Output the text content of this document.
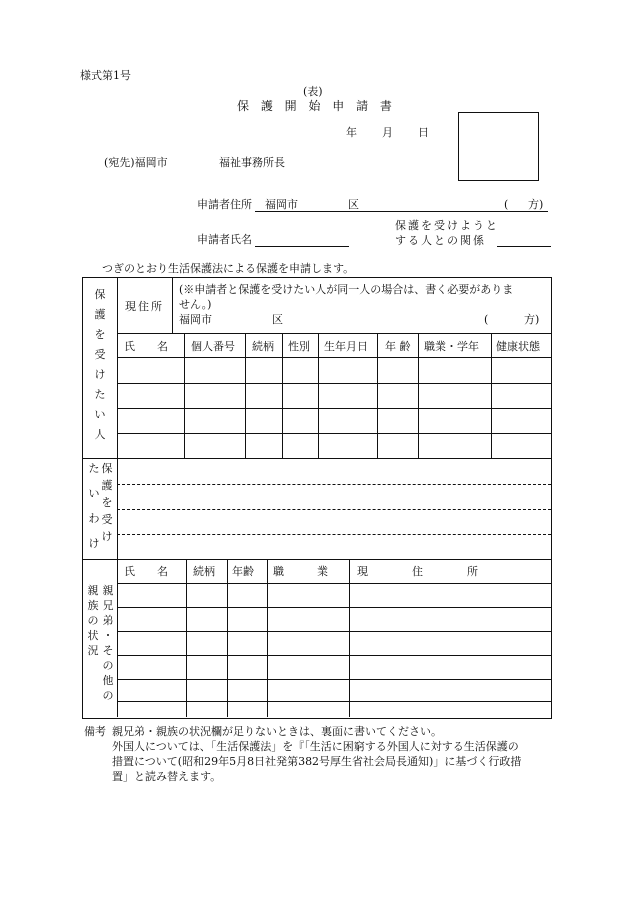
様式第1号
(表)
保 護 開 始 申 請 書
年 月 日
(宛先)福岡市	福祉事務所長
申請者住所 福岡市	区	( 方)
保護を受けようと
する人との関係
申請者氏名
つぎのとおり生活保護法による保護を申請します。
保
護
を
受
け
た
い
人
現住所
(※申請者と保護を受けたい人が同一人の場合は、書く必要がありま
せん。)
福岡市	区	(	方)
氏　　名 個人番号 続柄 性別 生年月日 年 齢 職業・学年 健康状態
た
い
わ
け
保
護
を
受
け
親
族
の
状
況
親
兄
弟
・
そ
の
他
の
氏　　名 続柄 年齢 職　　　業	現　　　　住　　　　所
備考 親兄弟・親族の状況欄が足りないときは、裏面に書いてください。
外国人については、「生活保護法」を『「生活に困窮する外国人に対する生活保護の
措置について(昭和29年5月8日社発第382号厚生省社会局長通知)」に基づく行政措
置」と読み替えます。
